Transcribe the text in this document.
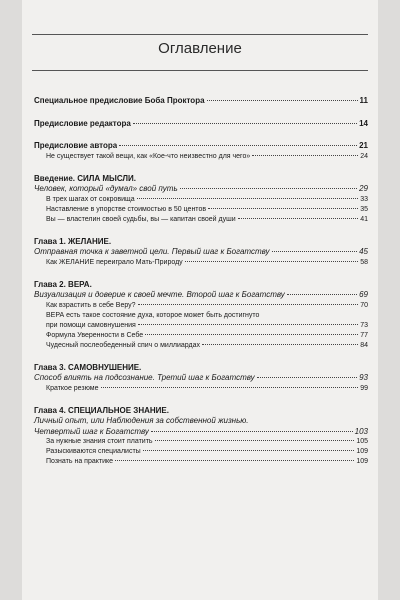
Оглавление
Специальное предисловие Боба Проктора	11
Предисловие редактора	14
Предисловие автора	21
Не существует такой вещи, как «Кое-что неизвестно для чего»	24
Введение. СИЛА МЫСЛИ.
Человек, который «думал» свой путь	29
В трех шагах от сокровища	33
Наставление в упорстве стоимостью в 50 центов	35
Вы — властелин своей судьбы, вы — капитан своей души	41
Глава 1. ЖЕЛАНИЕ.
Отправная точка к заветной цели. Первый шаг к Богатству	45
Как ЖЕЛАНИЕ переиграло Мать-Природу	58
Глава 2. ВЕРА.
Визуализация и доверие к своей мечте. Второй шаг к Богатству	69
Как взрастить в себе Веру?	70
ВЕРА есть такое состояние духа, которое может быть достигнуто
при помощи самовнушения	73
Формула Уверенности в Себе	77
Чудесный послеобеденный спич о миллиардах	84
Глава 3. САМОВНУШЕНИЕ.
Способ влиять на подсознание. Третий шаг к Богатству	93
Краткое резюме	99
Глава 4. СПЕЦИАЛЬНОЕ ЗНАНИЕ.
Личный опыт, или Наблюдения за собственной жизнью.
Четвертый шаг к Богатству	103
За нужные знания стоит платить	105
Разыскиваются специалисты	109
Познать на практике	109
